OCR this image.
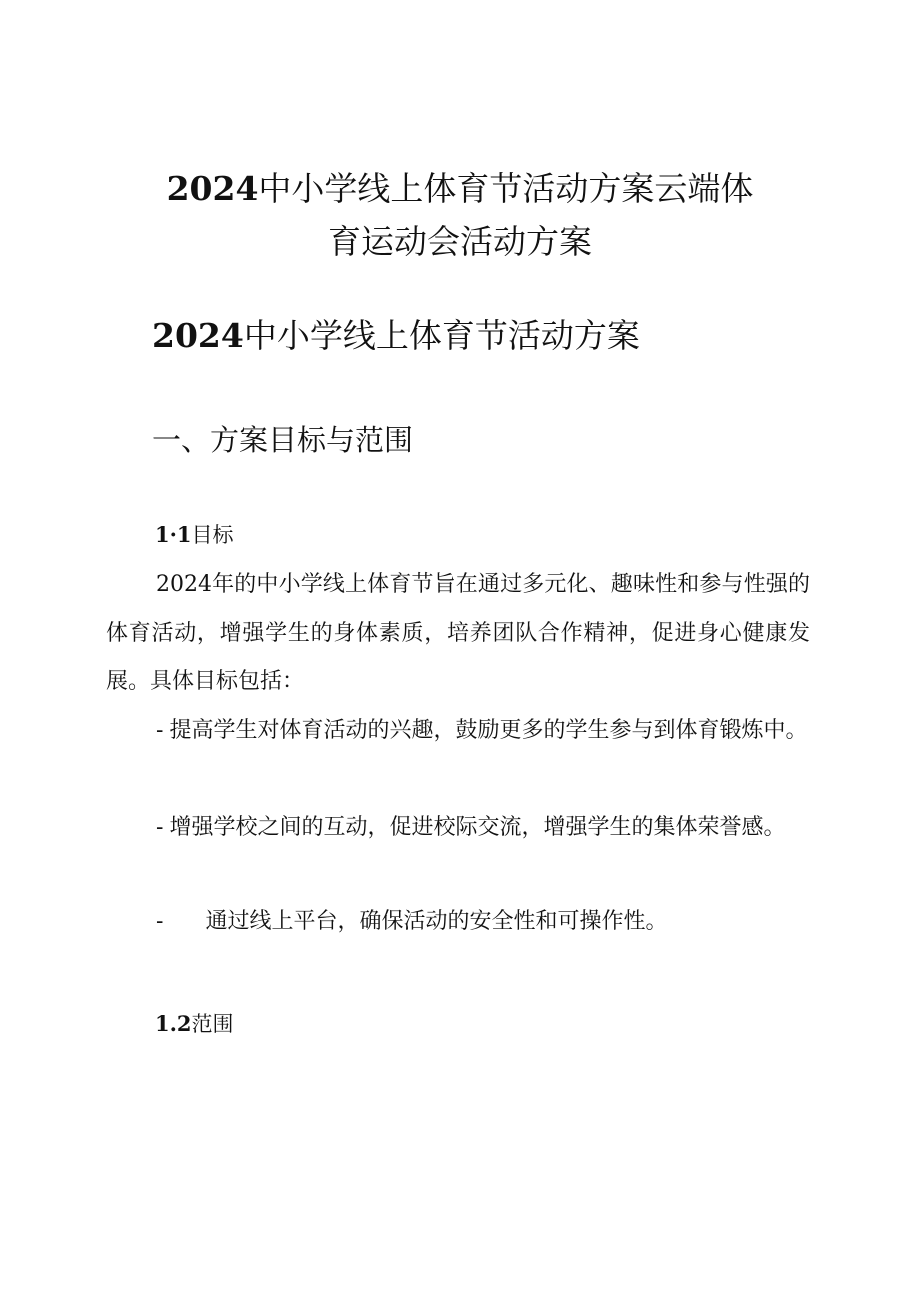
2024中小学线上体育节活动方案云端体
育运动会活动方案
2024中小学线上体育节活动方案
一、方案目标与范围
1·1目标

2024年的中小学线上体育节旨在通过多元化、趣味性和参与性强的体育活动，增强学生的身体素质，培养团队合作精神，促进身心健康发展。具体目标包括：

- 提高学生对体育活动的兴趣，鼓励更多的学生参与到体育锻炼中。

- 增强学校之间的互动，促进校际交流，增强学生的集体荣誉感。

- 通过线上平台，确保活动的安全性和可操作性。

1.2范围
